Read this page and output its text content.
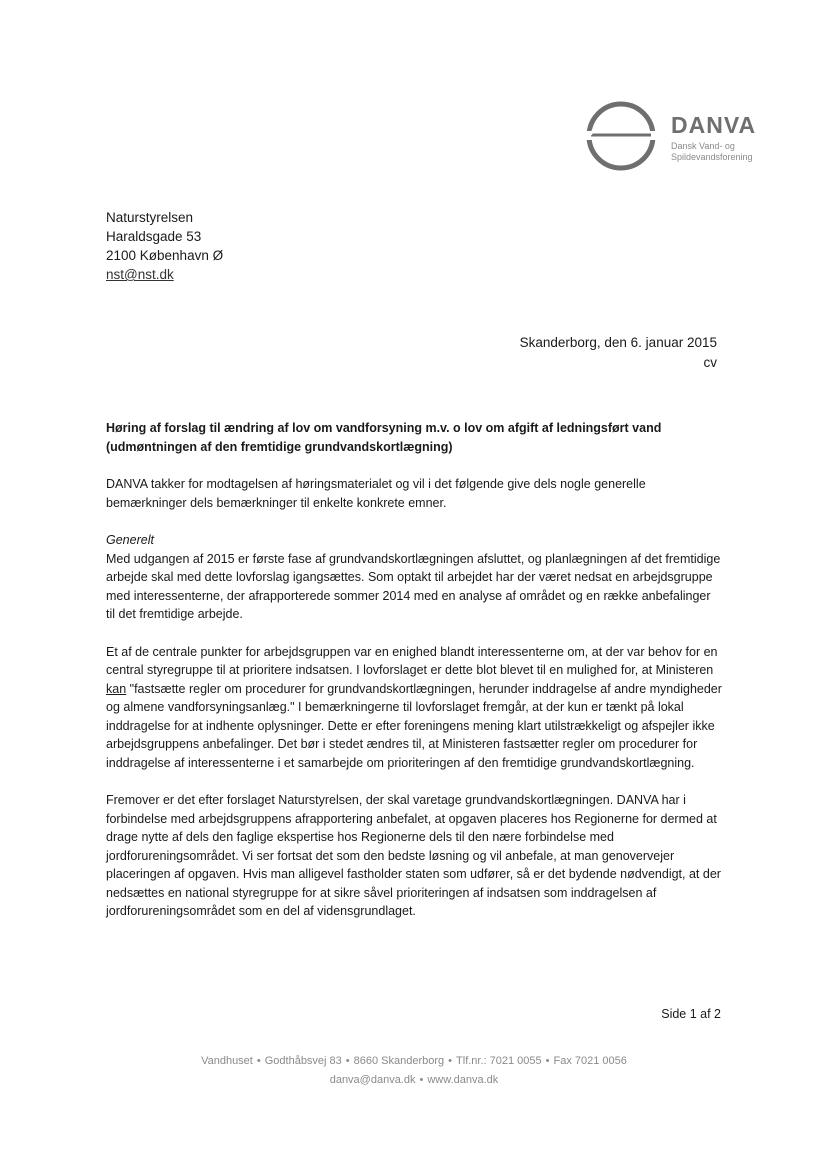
DANVA
Dansk Vand- og
Spildevandsforening
Naturstyrelsen
Haraldsgade 53
2100 København Ø
nst@nst.dk
Skanderborg, den 6. januar 2015
cv

Høring af forslag til ændring af lov om vandforsyning m.v. o lov om afgift af ledningsført vand (udmøntningen af den fremtidige grundvandskortlægning)

DANVA takker for modtagelsen af høringsmaterialet og vil i det følgende give dels nogle generelle bemærkninger dels bemærkninger til enkelte konkrete emner.

Generelt
Med udgangen af 2015 er første fase af grundvandskortlægningen afsluttet, og planlægningen af det fremtidige arbejde skal med dette lovforslag igangsættes. Som optakt til arbejdet har der været nedsat en arbejdsgruppe med interessenterne, der afrapporterede sommer 2014 med en analyse af området og en række anbefalinger til det fremtidige arbejde.

Et af de centrale punkter for arbejdsgruppen var en enighed blandt interessenterne om, at der var behov for en central styregruppe til at prioritere indsatsen. I lovforslaget er dette blot blevet til en mulighed for, at Ministeren kan "fastsætte regler om procedurer for grundvandskortlægningen, herunder inddragelse af andre myndigheder og almene vandforsyningsanlæg." I bemærkningerne til lovforslaget fremgår, at der kun er tænkt på lokal inddragelse for at indhente oplysninger. Dette er efter foreningens mening klart utilstrækkeligt og afspejler ikke arbejdsgruppens anbefalinger. Det bør i stedet ændres til, at Ministeren fastsætter regler om procedurer for inddragelse af interessenterne i et samarbejde om prioriteringen af den fremtidige grundvandskortlægning.

Fremover er det efter forslaget Naturstyrelsen, der skal varetage grundvandskortlægningen. DANVA har i forbindelse med arbejdsgruppens afrapportering anbefalet, at opgaven placeres hos Regionerne for dermed at drage nytte af dels den faglige ekspertise hos Regionerne dels til den nære forbindelse med jordforureningsområdet. Vi ser fortsat det som den bedste løsning og vil anbefale, at man genovervejer placeringen af opgaven. Hvis man alligevel fastholder staten som udfører, så er det bydende nødvendigt, at der nedsættes en national styregruppe for at sikre såvel prioriteringen af indsatsen som inddragelsen af jordforureningsområdet som en del af vidensgrundlaget.

Side 1 af 2
Vandhuset • Godthåbsvej 83 • 8660 Skanderborg • Tlf.nr.: 7021 0055 • Fax 7021 0056
danva@danva.dk • www.danva.dk
